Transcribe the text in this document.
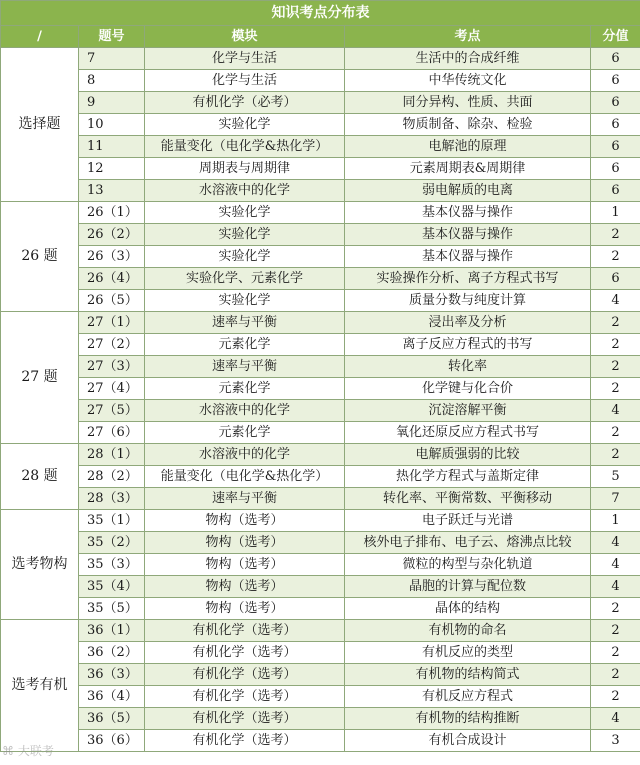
知识考点分布表				
/	题号	模块	考点	分值
选择题	7	化学与生活	生活中的合成纤维	6
	8	化学与生活	中华传统文化	6
	9	有机化学（必考）	同分异构、性质、共面	6
	10	实验化学	物质制备、除杂、检验	6
	11	能量变化（电化学&热化学）	电解池的原理	6
	12	周期表与周期律	元素周期表&周期律	6
	13	水溶液中的化学	弱电解质的电离	6
26 题	26（1）	实验化学	基本仪器与操作	1
	26（2）	实验化学	基本仪器与操作	2
	26（3）	实验化学	基本仪器与操作	2
	26（4）	实验化学、元素化学	实验操作分析、离子方程式书写	6
	26（5）	实验化学	质量分数与纯度计算	4
27 题	27（1）	速率与平衡	浸出率及分析	2
	27（2）	元素化学	离子反应方程式的书写	2
	27（3）	速率与平衡	转化率	2
	27（4）	元素化学	化学键与化合价	2
	27（5）	水溶液中的化学	沉淀溶解平衡	4
	27（6）	元素化学	氧化还原反应方程式书写	2
28 题	28（1）	水溶液中的化学	电解质强弱的比较	2
	28（2）	能量变化（电化学&热化学）	热化学方程式与盖斯定律	5
	28（3）	速率与平衡	转化率、平衡常数、平衡移动	7
选考物构	35（1）	物构（选考）	电子跃迁与光谱	1
	35（2）	物构（选考）	核外电子排布、电子云、熔沸点比较	4
	35（3）	物构（选考）	微粒的构型与杂化轨道	4
	35（4）	物构（选考）	晶胞的计算与配位数	4
	35（5）	物构（选考）	晶体的结构	2
选考有机	36（1）	有机化学（选考）	有机物的命名	2
	36（2）	有机化学（选考）	有机反应的类型	2
	36（3）	有机化学（选考）	有机物的结构简式	2
	36（4）	有机化学（选考）	有机反应方程式	2
	36（5）	有机化学（选考）	有机物的结构推断	4
	36（6）	有机化学（选考）	有机合成设计	3
⌘ 大联考
